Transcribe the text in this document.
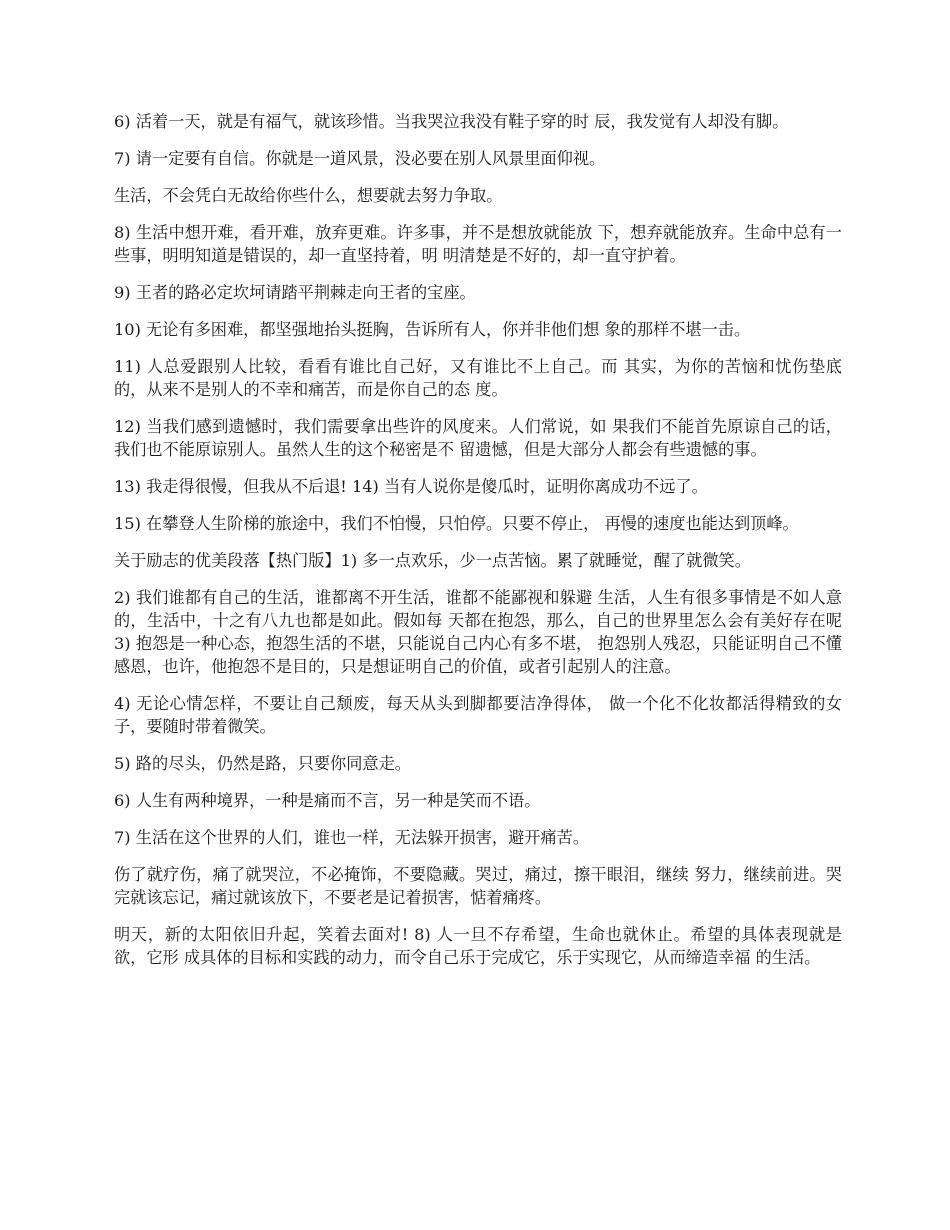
6) 活着一天，就是有福气，就该珍惜。当我哭泣我没有鞋子穿的时 辰，我发觉有人却没有脚。

7) 请一定要有自信。你就是一道风景，没必要在别人风景里面仰视。

生活，不会凭白无故给你些什么，想要就去努力争取。

8) 生活中想开难，看开难，放弃更难。许多事，并不是想放就能放 下，想弃就能放弃。生命中总有一些事，明明知道是错误的，却一直坚持着，明 明清楚是不好的，却一直守护着。

9) 王者的路必定坎坷请踏平荆棘走向王者的宝座。

10) 无论有多困难，都坚强地抬头挺胸，告诉所有人，你并非他们想 象的那样不堪一击。

11) 人总爱跟别人比较，看看有谁比自己好，又有谁比不上自己。而 其实，为你的苦恼和忧伤垫底的，从来不是别人的不幸和痛苦，而是你自己的态 度。

12) 当我们感到遗憾时，我们需要拿出些许的风度来。人们常说，如 果我们不能首先原谅自己的话，我们也不能原谅别人。虽然人生的这个秘密是不 留遗憾，但是大部分人都会有些遗憾的事。

13) 我走得很慢，但我从不后退! 14) 当有人说你是傻瓜时，证明你离成功不远了。

15) 在攀登人生阶梯的旅途中，我们不怕慢，只怕停。只要不停止， 再慢的速度也能达到顶峰。

关于励志的优美段落【热门版】1) 多一点欢乐，少一点苦恼。累了就睡觉，醒了就微笑。

2) 我们谁都有自己的生活，谁都离不开生活，谁都不能鄙视和躲避 生活，人生有很多事情是不如人意的，生活中，十之有八九也都是如此。假如每 天都在抱怨，那么，自己的世界里怎么会有美好存在呢 3) 抱怨是一种心态，抱怨生活的不堪，只能说自己内心有多不堪， 抱怨别人残忍，只能证明自己不懂感恩，也许，他抱怨不是目的，只是想证明自己的价值，或者引起别人的注意。

4) 无论心情怎样，不要让自己颓废，每天从头到脚都要洁净得体， 做一个化不化妆都活得精致的女子，要随时带着微笑。

5) 路的尽头，仍然是路，只要你同意走。

6) 人生有两种境界，一种是痛而不言，另一种是笑而不语。

7) 生活在这个世界的人们，谁也一样，无法躲开损害，避开痛苦。

伤了就疗伤，痛了就哭泣，不必掩饰，不要隐藏。哭过，痛过，擦干眼泪，继续 努力，继续前进。哭完就该忘记，痛过就该放下，不要老是记着损害，惦着痛疼。

明天，新的太阳依旧升起，笑着去面对! 8) 人一旦不存希望，生命也就休止。希望的具体表现就是欲，它形 成具体的目标和实践的动力，而令自己乐于完成它，乐于实现它，从而缔造幸福 的生活。
